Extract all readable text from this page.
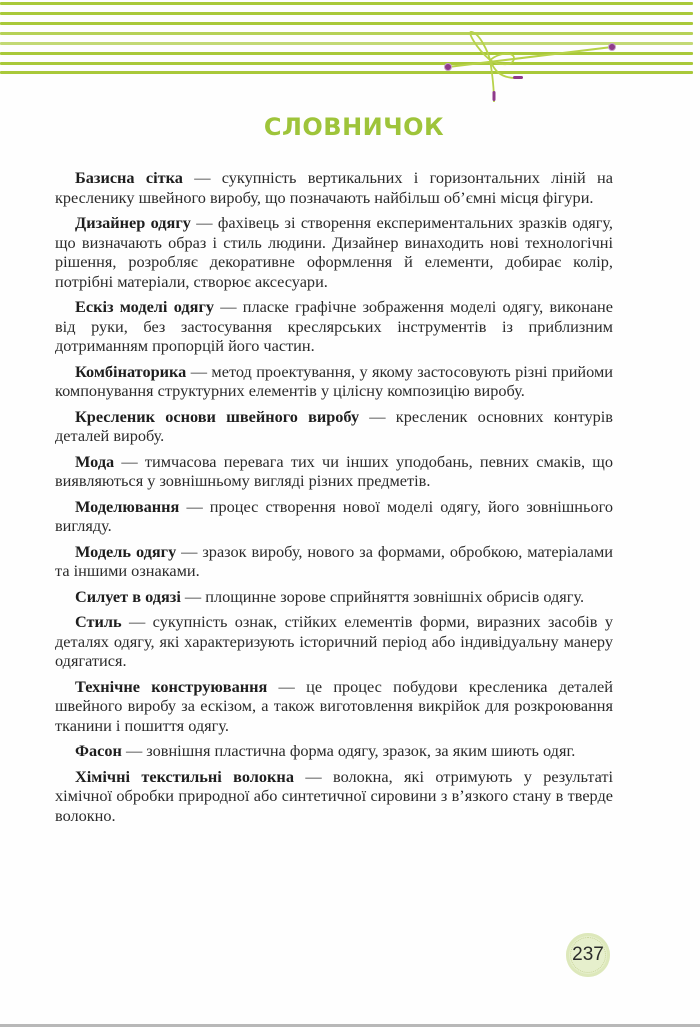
СЛОВНИЧОК

Базисна сітка — сукупність вертикальних і горизонтальних ліній на кресленику швейного виробу, що позначають найбільш об’ємні місця фігури.

Дизайнер одягу — фахівець зі створення експериментальних зразків одягу, що визначають образ і стиль людини. Дизайнер винаходить нові технологічні рішення, розробляє декоративне оформлення й елементи, добирає колір, потрібні матеріали, створює аксесуари.

Ескіз моделі одягу — пласке графічне зображення моделі одягу, виконане від руки, без застосування креслярських інструментів із приблизним дотриманням пропорцій його частин.

Комбінаторика — метод проектування, у якому застосовують різні прийоми компонування структурних елементів у цілісну композицію виробу.

Кресленик основи швейного виробу — кресленик основних контурів деталей виробу.

Мода — тимчасова перевага тих чи інших уподобань, певних смаків, що виявляються у зовнішньому вигляді різних предметів.

Моделювання — процес створення нової моделі одягу, його зовнішнього вигляду.

Модель одягу — зразок виробу, нового за формами, обробкою, матеріалами та іншими ознаками.

Силует в одязі — площинне зорове сприйняття зовнішніх обрисів одягу.

Стиль — сукупність ознак, стійких елементів форми, виразних засобів у деталях одягу, які характеризують історичний період або індивідуальну манеру одягатися.

Технічне конструювання — це процес побудови кресленика деталей швейного виробу за ескізом, а також виготовлення викрійок для розкроювання тканини і пошиття одягу.

Фасон — зовнішня пластична форма одягу, зразок, за яким шиють одяг.

Хімічні текстильні волокна — волокна, які отримують у результаті хімічної обробки природної або синтетичної сировини з в’язкого стану в тверде волокно.

237
